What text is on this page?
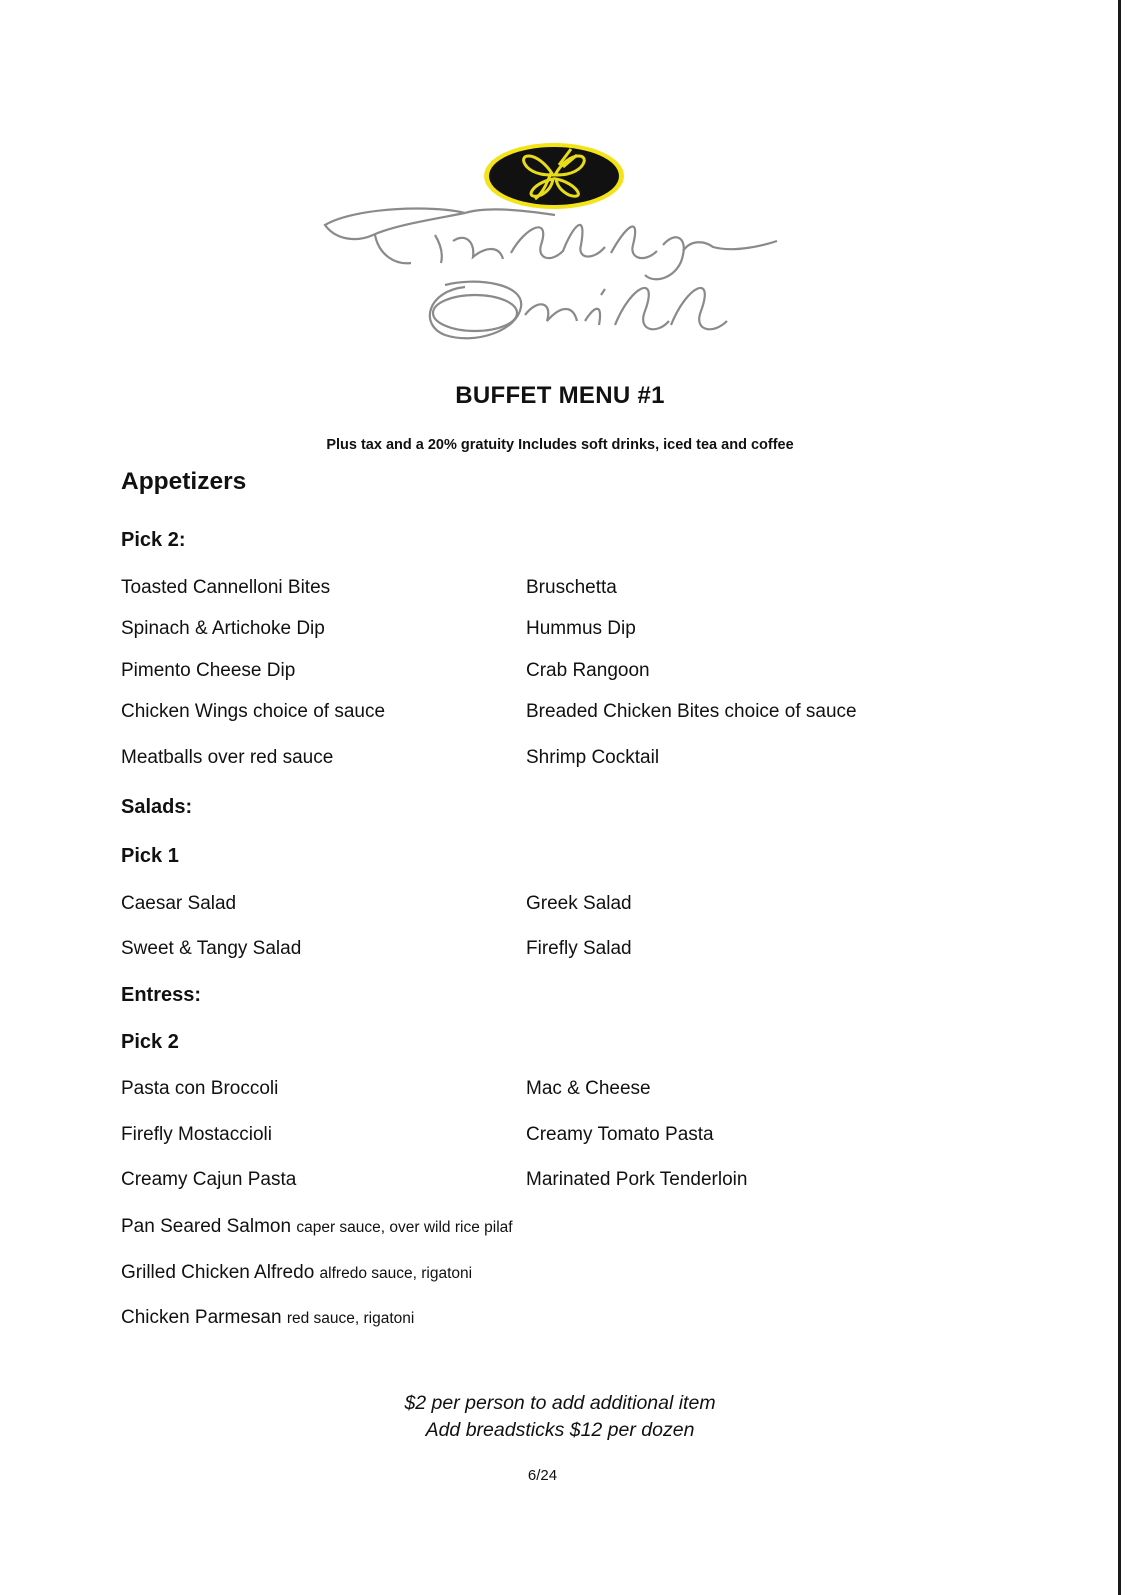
BUFFET MENU #1
Plus tax and a 20% gratuity Includes soft drinks, iced tea and coffee
Appetizers
Pick 2:
Toasted Cannelloni Bites
Spinach & Artichoke Dip
Pimento Cheese Dip
Chicken Wings choice of sauce
Meatballs over red sauce
Bruschetta
Hummus Dip
Crab Rangoon
Breaded Chicken Bites choice of sauce
Shrimp Cocktail
Salads:
Pick 1
Caesar Salad
Sweet & Tangy Salad
Greek Salad
Firefly Salad
Entress:
Pick 2
Pasta con Broccoli
Firefly Mostaccioli
Creamy Cajun Pasta
Mac & Cheese
Creamy Tomato Pasta
Marinated Pork Tenderloin
Pan Seared Salmon caper sauce, over wild rice pilaf
Grilled Chicken Alfredo alfredo sauce, rigatoni
Chicken Parmesan red sauce, rigatoni
$2 per person to add additional item
Add breadsticks $12 per dozen
6/24
